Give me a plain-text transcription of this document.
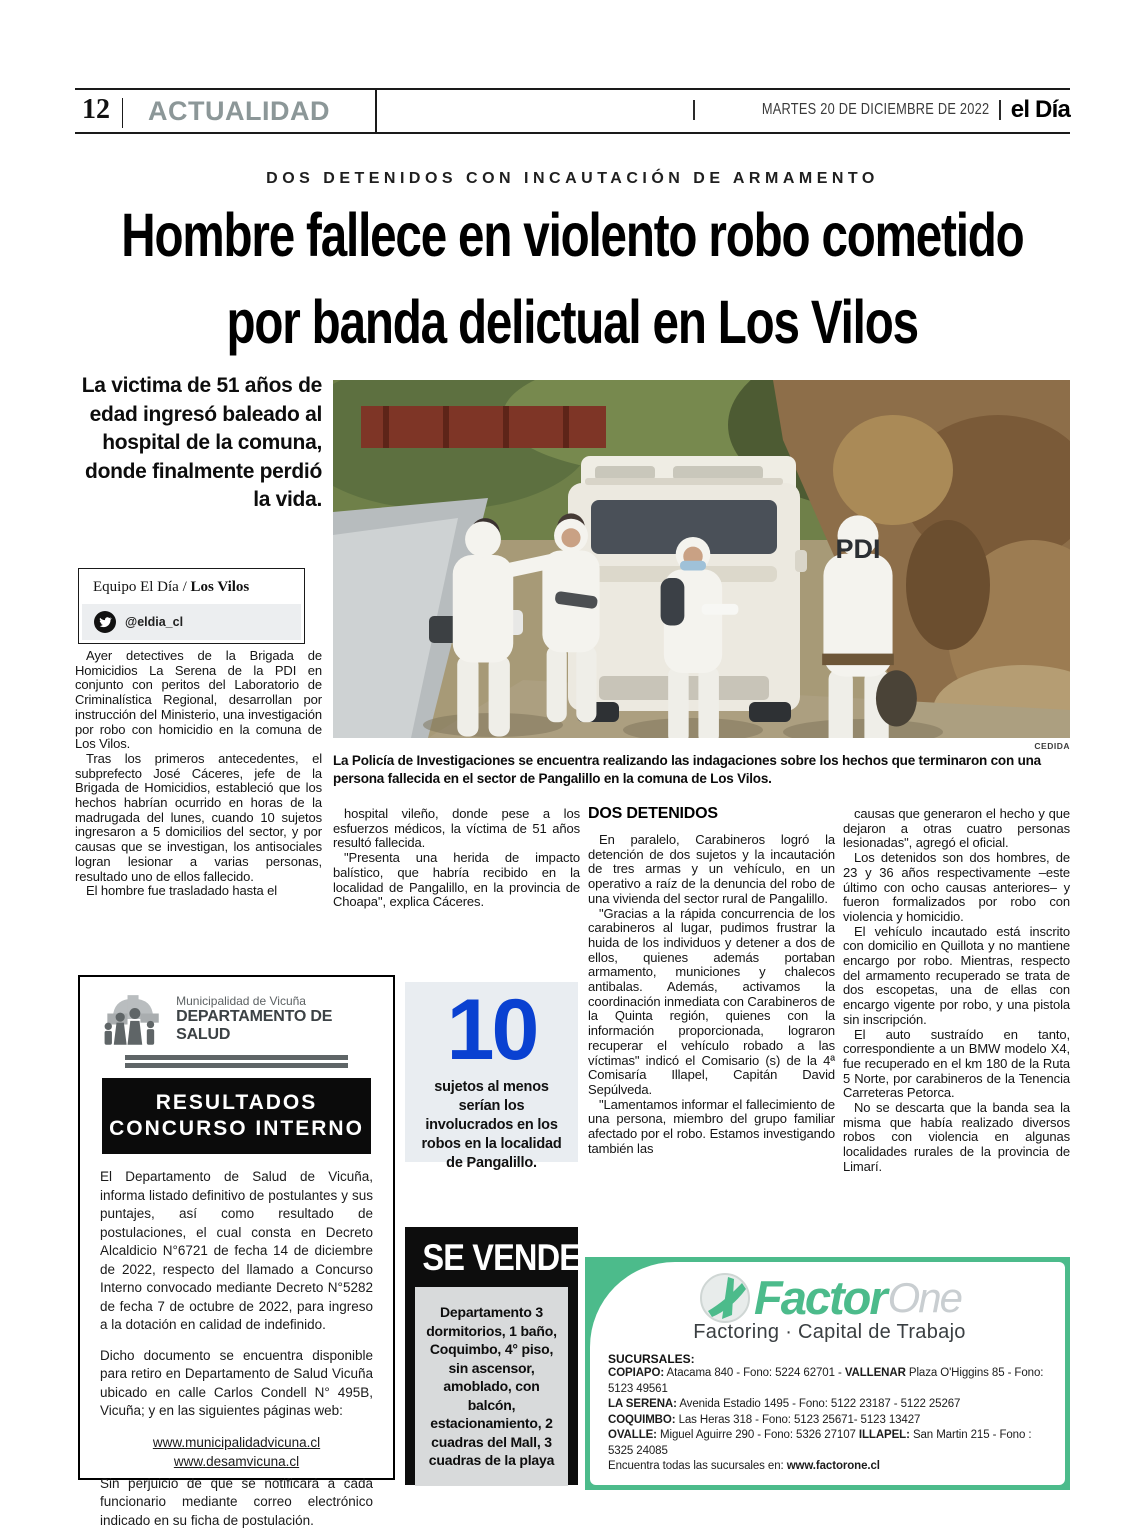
12 ACTUALIDAD	MARTES 20 DE DICIEMBRE DE 2022 el Día
DOS DETENIDOS CON INCAUTACIÓN DE ARMAMENTO
Hombre fallece en violento robo cometido
por banda delictual en Los Vilos
La victima de 51 años de edad ingresó baleado al hospital de la comuna, donde finalmente perdió la vida.
Equipo El Día / Los Vilos
@eldia_cl

Ayer detectives de la Brigada de Homicidios La Serena de la PDI en conjunto con peritos del Laboratorio de Criminalística Regional, desarrollan por instrucción del Ministerio, una investigación por robo con homicidio en la comuna de Los Vilos.

Tras los primeros antecedentes, el subprefecto José Cáceres, jefe de la Brigada de Homicidios, estableció que los hechos habrían ocurrido en horas de la madrugada del lunes, cuando 10 sujetos ingresaron a 5 domicilios del sector, y por causas que se investigan, los antisociales logran lesionar a varias personas, resultado uno de ellos fallecido.

El hombre fue trasladado hasta el

PDI
CEDIDA
La Policía de Investigaciones se encuentra realizando las indagaciones sobre los hechos que terminaron con una persona fallecida en el sector de Pangalillo en la comuna de Los Vilos.

hospital vileño, donde pese a los esfuerzos médicos, la víctima de 51 años resultó fallecida.

"Presenta una herida de impacto balístico, que habría recibido en la localidad de Pangalillo, en la provincia de Choapa", explica Cáceres.

DOS DETENIDOS

En paralelo, Carabineros logró la detención de dos sujetos y la incautación de tres armas y un vehículo, en un operativo a raíz de la denuncia del robo de una vivienda del sector rural de Pangalillo.

"Gracias a la rápida concurrencia de los carabineros al lugar, pudimos frustrar la huida de los individuos y detener a dos de ellos, quienes además portaban armamento, municiones y chalecos antibalas. Además, activamos la coordinación inmediata con Carabineros de la Quinta región, quienes con la información proporcionada, lograron recuperar el vehículo robado a las víctimas" indicó el Comisario (s) de la 4ª Comisaría Illapel, Capitán David Sepúlveda.

"Lamentamos informar el fallecimiento de una persona, miembro del grupo familiar afectado por el robo. Estamos investigando también las

causas que generaron el hecho y que dejaron a otras cuatro personas lesionadas", agregó el oficial.

Los detenidos son dos hombres, de 23 y 36 años respectivamente –este último con ocho causas anteriores– y fueron formalizados por robo con violencia y homicidio.

El vehículo incautado está inscrito con domicilio en Quillota y no mantiene encargo por robo. Mientras, respecto del armamento recuperado se trata de dos escopetas, una de ellas con encargo vigente por robo, y una pistola sin inscripción.

El auto sustraído en tanto, correspondiente a un BMW modelo X4, fue recuperado en el km 180 de la Ruta 5 Norte, por carabineros de la Tenencia Carreteras Petorca.

No se descarta que la banda sea la misma que había realizado diversos robos con violencia en algunas localidades rurales de la provincia de Limarí.

10
sujetos al menos serían los involucrados en los robos en la localidad de Pangalillo.
Municipalidad de Vicuña
DEPARTAMENTO DE SALUD
RESULTADOS
CONCURSO INTERNO

El Departamento de Salud de Vicuña, informa listado definitivo de postulantes y sus puntajes, así como resultado de postulaciones, el cual consta en Decreto Alcaldicio N°6721 de fecha 14 de diciembre de 2022, respecto del llamado a Concurso Interno convocado mediante Decreto N°5282 de fecha 7 de octubre de 2022, para ingreso a la dotación en calidad de indefinido.

Dicho documento se encuentra disponible para retiro en Departamento de Salud Vicuña ubicado en calle Carlos Condell N° 495B, Vicuña; y en las siguientes páginas web:

www.municipalidadvicuna.cl
www.desamvicuna.cl

Sin perjuicio de que se notificará a cada funcionario mediante correo electrónico indicado en su ficha de postulación.

SE VENDE
Departamento 3 dormitorios, 1 baño, Coquimbo, 4° piso, sin ascensor, amoblado, con balcón, estacionamiento, 2 cuadras del Mall, 3 cuadras de la playa
FONO
995642860
Factor One
Factoring · Capital de Trabajo
SUCURSALES:
COPIAPO: Atacama 840 - Fono: 5224 62701 - VALLENAR Plaza O'Higgins 85 - Fono: 5123 49561
LA SERENA: Avenida Estadio 1495 - Fono: 5122 23187 - 5122 25267
COQUIMBO: Las Heras 318 - Fono: 5123 25671- 5123 13427
OVALLE: Miguel Aguirre 290 - Fono: 5326 27107 ILLAPEL: San Martin 215 - Fono : 5325 24085
Encuentra todas las sucursales en: www.factorone.cl
